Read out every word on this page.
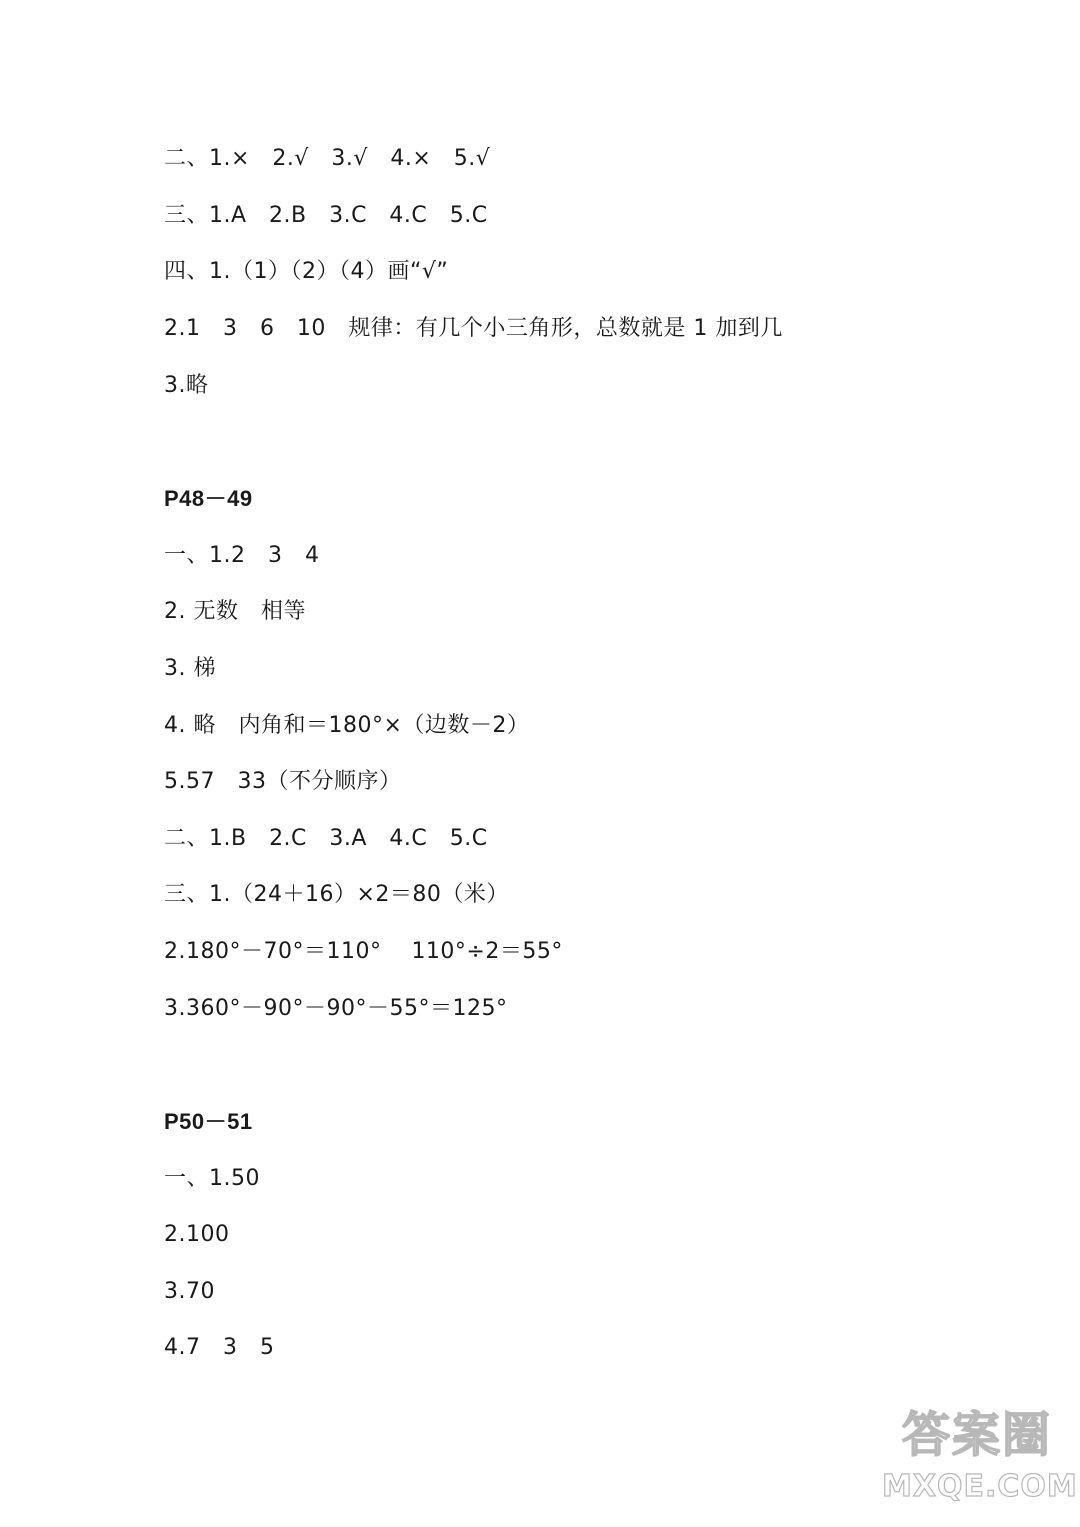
二、1.×   2.√   3.√   4.×   5.√
三、1.A   2.B   3.C   4.C   5.C
四、1.（1）（2）（4）画“√”
2.1   3   6   10   规律：有几个小三角形，总数就是 1 加到几
3.略
P48－49
一、1.2   3   4
2. 无数   相等
3. 梯
4. 略   内角和＝180°×（边数－2）
5.57   33（不分顺序）
二、1.B   2.C   3.A   4.C   5.C
三、1.（24＋16）×2＝80（米）
2.180°－70°＝110°    110°÷2＝55°
3.360°－90°－90°－55°＝125°
P50－51
一、1.50
2.100
3.70
4.7   3   5
答案圈
MXQE.COM
